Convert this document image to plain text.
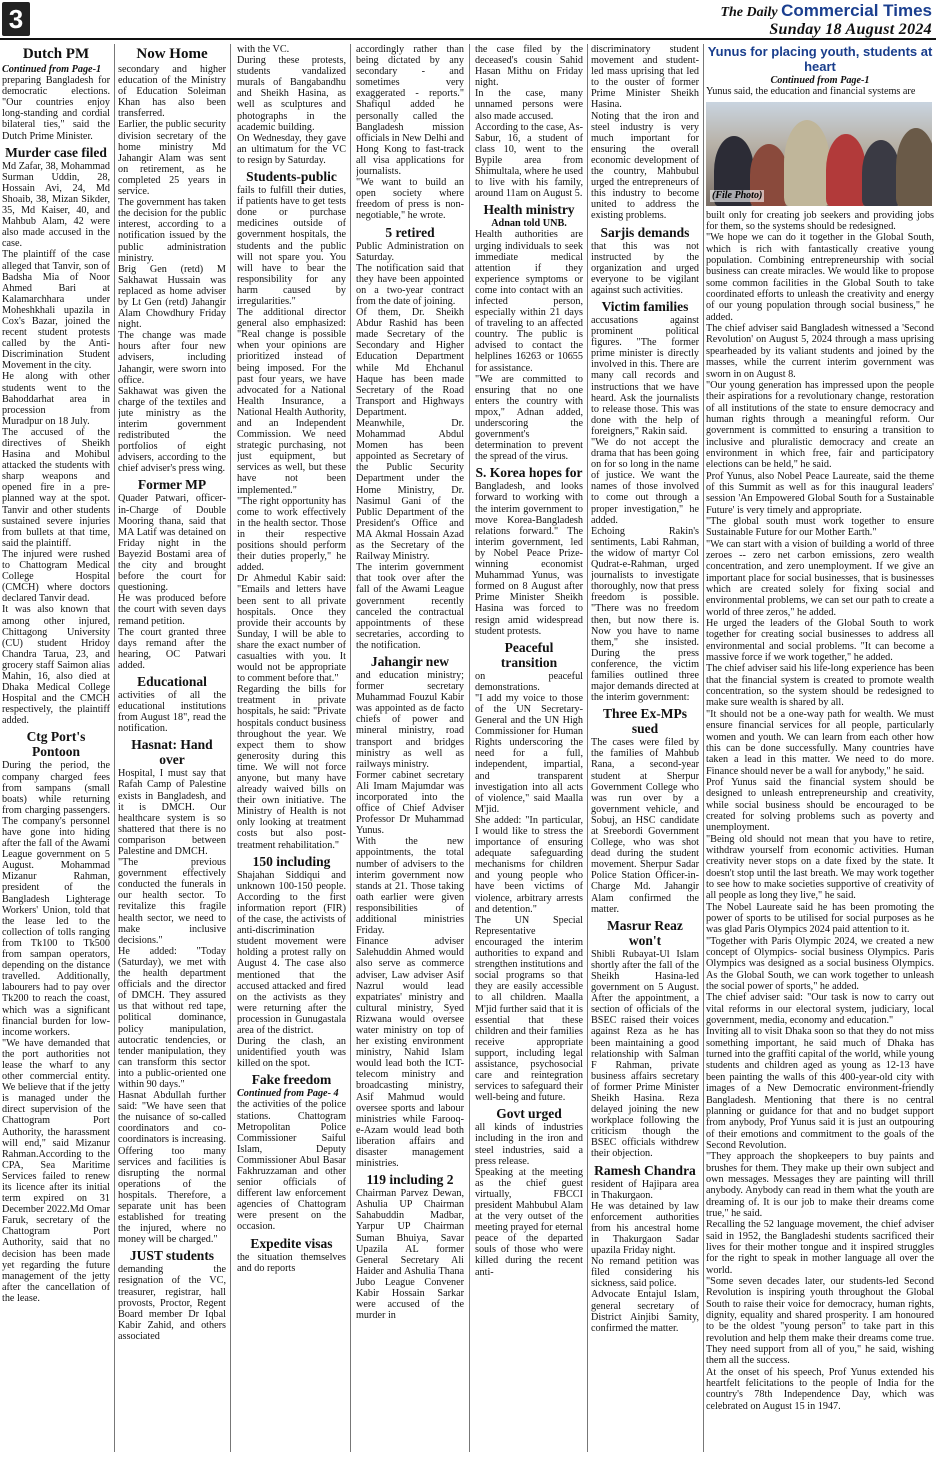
3	The Daily Commercial Times
Sunday 18 August 2024
Dutch PM

Continued from Page-1

preparing Bangladesh for democratic elections. "Our countries enjoy long-standing and cordial bilateral ties," said the Dutch Prime Minister.

Murder case filed

Md Zafar, 38, Mohammad Surman Uddin, 28, Hossain Avi, 24, Md Shoaib, 38, Mizan Sikder, 35, Md Kaiser, 40, and Mahbub Alam, 42 were also made accused in the case.

The plaintiff of the case alleged that Tanvir, son of Badsha Mia of Noor Ahmed Bari at Kalamarchhara under Moheshkhali upazila in Cox's Bazar, joined the recent student protests called by the Anti-Discrimination Student Movement in the city.

He along with other students went to the Bahoddarhat area in procession from Muradpur on 18 July.

The accused of the directives of Sheikh Hasina and Mohibul attacked the students with sharp weapons and opened fire in a pre-planned way at the spot. Tanvir and other students sustained severe injuries from bullets at that time, said the plaintiff.

The injured were rushed to Chattogram Medical College Hospital (CMCH) where doctors declared Tanvir dead.

It was also known that among other injured, Chittagong University (CU) student Hridoy Chandra Tarua, 23, and grocery staff Saimon alias Mahin, 16, also died at Dhaka Medical College Hospital and the CMCH respectively, the plaintiff added.

Ctg Port's Pontoon

During the period, the company charged fees from sampans (small boats) while returning from charging passengers. The company's personnel have gone into hiding after the fall of the Awami League government on 5 August. Mohammad Mizanur Rahman, president of the Bangladesh Lighterage Workers' Union, told that the lease led to the collection of tolls ranging from Tk100 to Tk500 from sampan operators, depending on the distance travelled. Additionally, labourers had to pay over Tk200 to reach the coast, which was a significant financial burden for low-income workers.

"We have demanded that the port authorities not lease the wharf to any other commercial entity. We believe that if the jetty is managed under the direct supervision of the Chattogram Port Authority, the harassment will end," said Mizanur Rahman.According to the CPA, Sea Maritime Services failed to renew its licence after its initial term expired on 31 December 2022.Md Omar Faruk, secretary of the Chattogram Port Authority, said that no decision has been made yet regarding the future management of the jetty after the cancellation of the lease.

Now Home

secondary and higher education of the Ministry of Education Soleiman Khan has also been transferred.

Earlier, the public security division secretary of the home ministry Md Jahangir Alam was sent on retirement, as he completed 25 years in service.

The government has taken the decision for the public interest, according to a notification issued by the public administration ministry.

Brig Gen (retd) M Sakhawat Hussain was replaced as home adviser by Lt Gen (retd) Jahangir Alam Chowdhury Friday night.

The change was made hours after four new advisers, including Jahangir, were sworn into office.

Sakhawat was given the charge of the textiles and jute ministry as the interim government redistributed the portfolios of eight advisers, according to the chief adviser's press wing.

Former MP

Quader Patwari, officer-in-Charge of Double Mooring thana, said that MA Latif was detained on Friday night in the Bayezid Bostami area of the city and brought before the court for questioning.

He was produced before the court with seven days remand petition.

The court granted three days remand after the hearing, OC Patwari added.

Educational

activities of all the educational institutions from August 18", read the notification.

Hasnat: Hand over

Hospital, I must say that Rafah Camp of Palestine exists in Bangladesh, and it is DMCH. Our healthcare system is so shattered that there is no comparison between Palestine and DMCH.

"The previous government effectively conducted the funerals in our health sector. To revitalize this fragile health sector, we need to make inclusive decisions."

He added: "Today (Saturday), we met with the health department officials and the director of DMCH. They assured us that without red tape, political dominance, policy manipulation, autocratic tendencies, or tender manipulation, they can transform this sector into a public-oriented one within 90 days."

Hasnat Abdullah further said: "We have seen that the nuisance of so-called coordinators and co-coordinators is increasing. Offering too many services and facilities is disrupting the normal operations of the hospitals. Therefore, a separate unit has been established for treating the injured, where no money will be charged."

JUST students

demanding the resignation of the VC, treasurer, registrar, hall provosts, Proctor, Regent Board member Dr Iqbal Kabir Zahid, and others associated

with the VC.

During these protests, students vandalized murals of Bangabandhu and Sheikh Hasina, as well as sculptures and photographs in the academic building.

On Wednesday, they gave an ultimatum for the VC to resign by Saturday.

Students-public

fails to fulfill their duties, if patients have to get tests done or purchase medicines outside of government hospitals, the students and the public will not spare you. You will have to bear the responsibility for any harm caused by irregularities."

The additional director general also emphasized: "Real change is possible when your opinions are prioritized instead of being imposed. For the past four years, we have advocated for a National Health Insurance, a National Health Authority, and an Independent Commission. We need strategic purchasing, not just equipment, but services as well, but these have not been implemented."

"The right opportunity has come to work effectively in the health sector. Those in their respective positions should perform their duties properly," he added.

Dr Ahmedul Kabir said: "Emails and letters have been sent to all private hospitals. Once they provide their accounts by Sunday, I will be able to share the exact number of casualties with you. It would not be appropriate to comment before that."

Regarding the bills for treatment in private hospitals, he said: "Private hospitals conduct business throughout the year. We expect them to show generosity during this time. We will not force anyone, but many have already waived bills on their own initiative. The Ministry of Health is not only looking at treatment costs but also post-treatment rehabilitation."

150 including

Shajahan Siddiqui and unknown 100-150 people. According to the first information report (FIR) of the case, the activists of anti-discrimination student movement were holding a protest rally on August 4. The case also mentioned that the accused attacked and fired on the activists as they were returning after the procession in Gunugastala area of the district.

During the clash, an unidentified youth was killed on the spot.

Fake freedom

Continued from Page- 4

the activities of the police stations. Chattogram Metropolitan Police Commissioner Saiful Islam, Deputy Commissioner Abul Basar Fakhruzzaman and other senior officials of different law enforcement agencies of Chattogram were present on the occasion.

Expedite visas

the situation themselves and do reports

accordingly rather than being dictated by any secondary - and sometimes very exaggerated - reports." Shafiqul added he personally called the Bangladesh mission officials in New Delhi and Hong Kong to fast-track all visa applications for journalists.

"We want to build an open society where freedom of press is non-negotiable," he wrote.

5 retired

Public Administration on Saturday.

The notification said that they have been appointed on a two-year contract from the date of joining.

Of them, Dr. Sheikh Abdur Rashid has been made Secretary of the Secondary and Higher Education Department while Md Ehchanul Haque has been made Secretary of the Road Transport and Highways Department.

Meanwhile, Dr. Mohammad Abdul Momen has been appointed as Secretary of the Public Security Department under the Home Ministry, Dr. Nasimul Gani of the Public Department of the President's Office and MA Akmal Hossain Azad as the Secretary of the Railway Ministry.

The interim government that took over after the fall of the Awami League government recently canceled the contractual appointments of these secretaries, according to the notification.

Jahangir new

and education ministry; former secretary Muhammad Fouzul Kabir was appointed as de facto chiefs of power and mineral ministry, road transport and bridges ministry as well as railways ministry.

Former cabinet secretary Ali Imam Majumdar was incorporated into the office of Chief Adviser Professor Dr Muhammad Yunus.

With the new appointments, the total number of advisers to the interim government now stands at 21. Those taking oath earlier were given responsibilities of additional ministries Friday.

Finance adviser Salehuddin Ahmed would also serve as commerce adviser, Law adviser Asif Nazrul would lead expatriates' ministry and cultural ministry, Syed Rizwana would oversee water ministry on top of her existing environment ministry, Nahid Islam would lead both the ICT-telecom ministry and broadcasting ministry, Asif Mahmud would oversee sports and labour ministries while Farooq-e-Azam would lead both liberation affairs and disaster management ministries.

119 including 2

Chairman Parvez Dewan, Ashulia UP Chairman Sahabuddin Madbar, Yarpur UP Chairman Suman Bhuiya, Savar Upazila AL former General Secretary Ali Haider and Ashulia Thana Jubo League Convener Kabir Hossain Sarkar were accused of the murder in

the case filed by the deceased's cousin Sahid Hasan Mithu on Friday night.

In the case, many unnamed persons were also made accused.

According to the case, As-Sabur, 16, a student of class 10, went to the Bypile area from Shimultala, where he used to live with his family, around 11am on August 5.

Health ministry

Adnan told UNB.

Health authorities are urging individuals to seek immediate medical attention if they experience symptoms or come into contact with an infected person, especially within 21 days of traveling to an affected country. The public is advised to contact the helplines 16263 or 10655 for assistance.

"We are committed to ensuring that no one enters the country with mpox," Adnan added, underscoring the government's determination to prevent the spread of the virus.

S. Korea hopes for

Bangladesh, and looks forward to working with the interim government to move Korea-Bangladesh relations forward." The interim government, led by Nobel Peace Prize-winning economist Muhammad Yunus, was formed on 8 August after Prime Minister Sheikh Hasina was forced to resign amid widespread student protests.

Peaceful transition

on peaceful demonstrations.

"I add my voice to those of the UN Secretary-General and the UN High Commissioner for Human Rights underscoring the need for a full, independent, impartial, and transparent investigation into all acts of violence," said Maalla M'jid.

She added: "In particular, I would like to stress the importance of ensuring adequate safeguarding mechanisms for children and young people who have been victims of violence, arbitrary arrests and detention."

The UN Special Representative encouraged the interim authorities to expand and strengthen institutions and social programs so that they are easily accessible to all children. Maalla M'jid further said that it is essential that these children and their families receive appropriate support, including legal assistance, psychosocial care and reintegration services to safeguard their well-being and future.

Govt urged

all kinds of industries including in the iron and steel industries, said a press release.

Speaking at the meeting as the chief guest virtually, FBCCI president Mahbubul Alam at the very outset of the meeting prayed for eternal peace of the departed souls of those who were killed during the recent anti-

discriminatory student movement and student-led mass uprising that led to the ouster of former Prime Minister Sheikh Hasina.

Noting that the iron and steel industry is very much important for ensuring the overall economic development of the country, Mahbubul urged the entrepreneurs of this industry to become united to address the existing problems.

Sarjis demands

that this was not instructed by the organization and urged everyone to be vigilant against such activities.

Victim families

accusations against prominent political figures. "The former prime minister is directly involved in this. There are many call records and instructions that we have heard. Ask the journalists to release those. This was done with the help of foreigners," Rakin said.

"We do not accept the drama that has been going on for so long in the name of justice. We want the names of those involved to come out through a proper investigation," he added.

Echoing Rakin's sentiments, Labi Rahman, the widow of martyr Col Qudrat-e-Rahman, urged journalists to investigate thoroughly, now that press freedom is possible. "There was no freedom then, but now there is. Now you have to name them," she insisted. During the press conference, the victim families outlined three major demands directed at the interim government:

Three Ex-MPs sued

The cases were filed by the families of Mahbub Rana, a second-year student at Sherpur Government College who was run over by a government vehicle, and Sobuj, an HSC candidate at Sreebordi Government College, who was shot dead during the student movement. Sherpur Sadar Police Station Officer-in-Charge Md. Jahangir Alam confirmed the matter.

Masrur Reaz won't

Shibli Rubayat-Ul Islam shortly after the fall of the Sheikh Hasina-led government on 5 August. After the appointment, a section of officials of the BSEC raised their voices against Reza as he has been maintaining a good relationship with Salman F Rahman, private business affairs secretary of former Prime Minister Sheikh Hasina. Reza delayed joining the new workplace following the criticism though the BSEC officials withdrew their objection.

Ramesh Chandra

resident of Hajipara area in Thakurgaon.

He was detained by law enforcement authorities from his ancestral home in Thakurgaon Sadar upazila Friday night.

No remand petition was filed considering his sickness, said police.

Advocate Entajul Islam, general secretary of District Ainjibi Samity, confirmed the matter.

Yunus for placing youth, students at heart

Continued from Page-1

Yunus said, the education and financial systems are

(File Photo)

built only for creating job seekers and providing jobs for them, so the systems should be redesigned.

"We hope we can do it together in the Global South, which is rich with fantastically creative young population. Combining entrepreneurship with social business can create miracles. We would like to propose some common facilities in the Global South to take coordinated efforts to unleash the creativity and energy of our young population through social business," he added.

The chief adviser said Bangladesh witnessed a 'Second Revolution' on August 5, 2024 through a mass uprising spearheaded by its valiant students and joined by the masses, while the current interim government was sworn in on August 8.

"Our young generation has impressed upon the people their aspirations for a revolutionary change, restoration of all institutions of the state to ensure democracy and human rights through a meaningful reform. Our government is committed to ensuring a transition to inclusive and pluralistic democracy and create an environment in which free, fair and participatory elections can be held," he said.

Prof Yunus, also Nobel Peace Laureate, said the theme of this Summit as well as for this inaugural leaders' session 'An Empowered Global South for a Sustainable Future' is very timely and appropriate.

"The global south must work together to ensure Sustainable Future for our Mother Earth."

"We can start with a vision of building a world of three zeroes -- zero net carbon emissions, zero wealth concentration, and zero unemployment. If we give an important place for social businesses, that is businesses which are created solely for fixing social and environmental problems, we can set our path to create a world of three zeros," he added.

He urged the leaders of the Global South to work together for creating social businesses to address all environmental and social problems. "It can become a massive force if we work together," he added.

The chief adviser said his life-long experience has been that the financial system is created to promote wealth concentration, so the system should be redesigned to make sure wealth is shared by all.

"It should not be a one-way path for wealth. We must ensure financial services for all people, particularly women and youth. We can learn from each other how this can be done successfully. Many countries have taken a lead in this matter. We need to do more. Finance should never be a wall for anybody," he said.

Prof Yunus said the financial system should be designed to unleash entrepreneurship and creativity, while social business should be encouraged to be created for solving problems such as poverty and unemployment.

"Being old should not mean that you have to retire, withdraw yourself from economic activities. Human creativity never stops on a date fixed by the state. It doesn't stop until the last breath. We may work together to see how to make societies supportive of creativity of all people as long they live," he said.

The Nobel Laureate said he has been promoting the power of sports to be utilised for social purposes as he was glad Paris Olympics 2024 paid attention to it.

"Together with Paris Olympic 2024, we created a new concept of Olympics- social business Olympics. Paris Olympics was designed as a social business Olympics. As the Global South, we can work together to unleash the social power of sports," he added.

The chief adviser said: "Our task is now to carry out vital reforms in our electoral system, judiciary, local government, media, economy and education."

Inviting all to visit Dhaka soon so that they do not miss something important, he said much of Dhaka has turned into the graffiti capital of the world, while young students and children aged as young as 12-13 have been painting the walls of this 400-year-old city with images of a New Democratic environment-friendly Bangladesh. Mentioning that there is no central planning or guidance for that and no budget support from anybody, Prof Yunus said it is just an outpouring of their emotions and commitment to the goals of the Second Revolution.

"They approach the shopkeepers to buy paints and brushes for them. They make up their own subject and own messages. Messages they are painting will thrill anybody. Anybody can read in them what the youth are dreaming of. It is our job to make their dreams come true," he said.

Recalling the 52 language movement, the chief adviser said in 1952, the Bangladeshi students sacrificed their lives for their mother tongue and it inspired struggles for the right to speak in mother language all over the world.

"Some seven decades later, our students-led Second Revolution is inspiring youth throughout the Global South to raise their voice for democracy, human rights, dignity, equality and shared prosperity. I am honoured to be the oldest "young person" to take part in this revolution and help them make their dreams come true. They need support from all of you," he said, wishing them all the success.

At the onset of his speech, Prof Yunus extended his heartfelt felicitations to the people of India for the country's 78th Independence Day, which was celebrated on August 15 in 1947.
